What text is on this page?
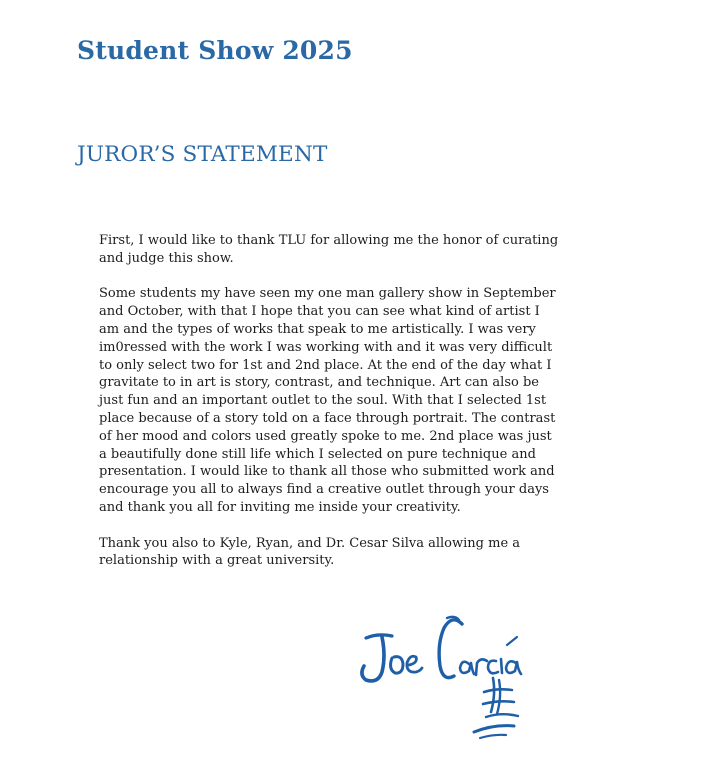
Student Show 2025
JUROR’S STATEMENT

First, I would like to thank TLU for allowing me the honor of curating and judge this show.

Some students my have seen my one man gallery show in September and October, with that I hope that you can see what kind of artist I am and the types of works that speak to me artistically. I was very im0ressed with the work I was working with and it was very difficult to only select two for 1st and 2nd place. At the end of the day what I gravitate to in art is story, contrast, and technique. Art can also be just fun and an important outlet to the soul. With that I selected 1st place because of a story told on a face through portrait. The contrast of her mood and colors used greatly spoke to me. 2nd place was just a beautifully done still life which I selected on pure technique and presentation. I would like to thank all those who submitted work and encourage you all to always find a creative outlet through your days and thank you all for inviting me inside your creativity.

Thank you also to Kyle, Ryan, and Dr. Cesar Silva allowing me a relationship with a great university.
